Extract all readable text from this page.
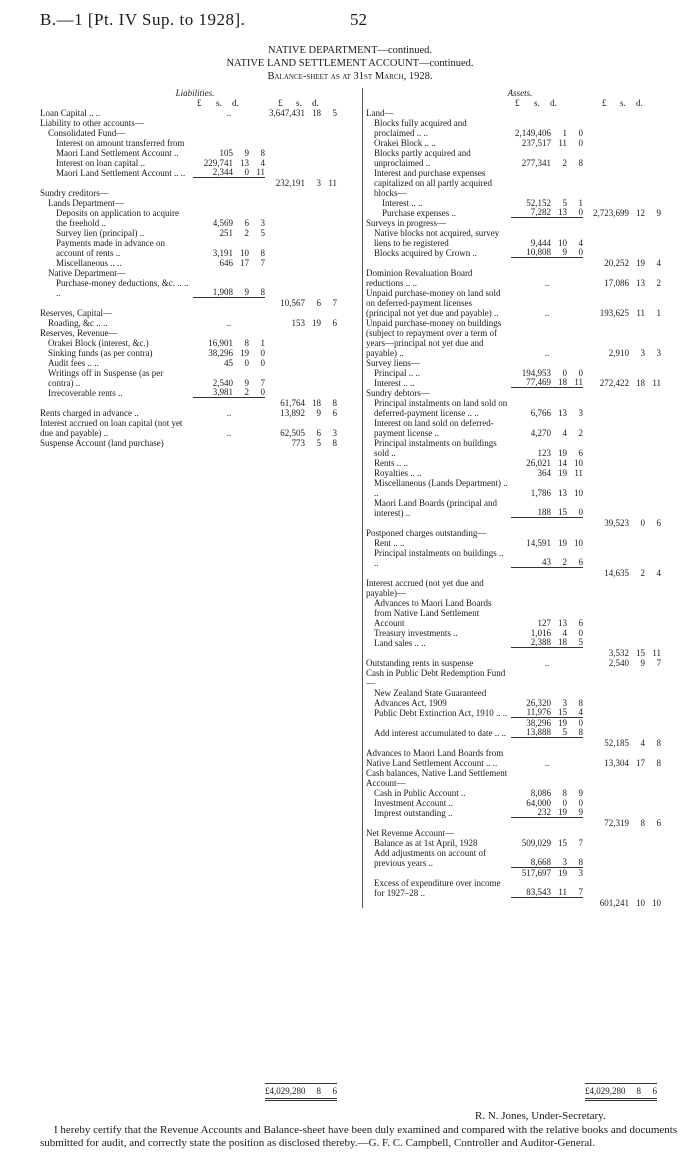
B.—1 [Pt. IV Sup. to 1928].	52
NATIVE DEPARTMENT—continued.
NATIVE LAND SETTLEMENT ACCOUNT—continued.
Balance-sheet as at 31st March, 1928.
Liabilities.
£ s. d.	£ s. d.
Loan Capital .. ..	..	3,647,431 18 5
Liability to other accounts—
Consolidated Fund—
Interest on amount transferred from Maori Land Settlement Account ..	105 9 8
Interest on loan capital ..	229,741 13 4
Maori Land Settlement Account .. ..	2,344 0 11

232,191 3 11
Sundry creditors—
Lands Department—
Deposits on application to acquire the freehold ..	4,569 6 3
Survey lien (principal) ..	251 2 5
Payments made in advance on account of rents ..	3,191 10 8
Miscellaneous .. ..	646 17 7
Native Department—
Purchase-money deductions, &c. .. .. ..	1,908 9 8

10,567 6 7
Reserves, Capital—
Roading, &c .. ..	..	153 19 6
Reserves, Revenue—
Orakei Block (interest, &c.)	16,901 8 1
Sinking funds (as per contra)	38,296 19 0
Audit fees .. ..	45 0 0
Writings off in Suspense (as per contra) ..	2,540 9 7
Irrecoverable rents ..	3,981 2 0

61,764 18 8
Rents charged in advance ..	..	13,892 9 6
Interest accrued on loan capital (not yet due and payable) ..	..	62,505 6 3
Suspense Account (land purchase)	773 5 8
Assets.
£ s. d.	£ s. d.
Land—
Blocks fully acquired and proclaimed .. ..	2,149,406 1 0
Orakei Block .. ..	237,517 11 0
Blocks partly acquired and unproclaimed ..	277,341 2 8
Interest and purchase expenses capitalized on all partly acquired blocks—
Interest .. ..	52,152 5 1
Purchase expenses ..	7,282 13 0	2,723,699 12 9
Surveys in progress—
Native blocks not acquired, survey liens to be registered	9,444 10 4
Blocks acquired by Crown ..	10,808 9 0

20,252 19 4
Dominion Revaluation Board reductions .. ..	..	17,086 13 2
Unpaid purchase-money on land sold on deferred-payment licenses (principal not yet due and payable) ..	..	193,625 11 1
Unpaid purchase-money on buildings (subject to repayment over a term of years—principal not yet due and payable) ..	..	2,910 3 3
Survey liens—
Principal .. ..	194,953 0 0
Interest .. ..	77,469 18 11	272,422 18 11
Sundry debtors—
Principal instalments on land sold on deferred-payment license .. ..	6,766 13 3
Interest on land sold on deferred-payment license ..	4,270 4 2
Principal instalments on buildings sold ..	123 19 6
Rents .. ..	26,021 14 10
Royalties .. ..	364 19 11
Miscellaneous (Lands Department) .. ..	1,786 13 10
Maori Land Boards (principal and interest) ..	188 15 0

39,523 0 6
Postponed charges outstanding—
Rent .. ..	14,591 19 10
Principal instalments on buildings .. ..	43 2 6

14,635 2 4
Interest accrued (not yet due and payable)—
Advances to Maori Land Boards from Native Land Settlement Account	127 13 6
Treasury investments ..	1,016 4 0
Land sales .. ..	2,388 18 5

3,532 15 11
Outstanding rents in suspense	..	2,540 9 7
Cash in Public Debt Redemption Fund—
New Zealand State Guaranteed Advances Act, 1909	26,320 3 8
Public Debt Extinction Act, 1910 .. ..	11,976 15 4

38,296 19 0
Add interest accumulated to date .. ..	13,888 5 8

52,185 4 8
Advances to Maori Land Boards from Native Land Settlement Account .. ..	..	13,304 17 8
Cash balances, Native Land Settlement Account—
Cash in Public Account ..	8,086 8 9
Investment Account ..	64,000 0 0
Imprest outstanding ..	232 19 9

72,319 8 6
Net Revenue Account—
Balance as at 1st April, 1928	509,029 15 7
Add adjustments on account of previous years ..	8,668 3 8

517,697 19 3
Excess of expenditure over income for 1927–28 ..	83,543 11 7

601,241 10 10
£4,029,280 8 6	£4,029,280 8 6
R. N. Jones, Under-Secretary.
I hereby certify that the Revenue Accounts and Balance-sheet have been duly examined and compared with the relative books and documents submitted for audit, and correctly state the position as disclosed thereby.—G. F. C. Campbell, Controller and Auditor-General.
